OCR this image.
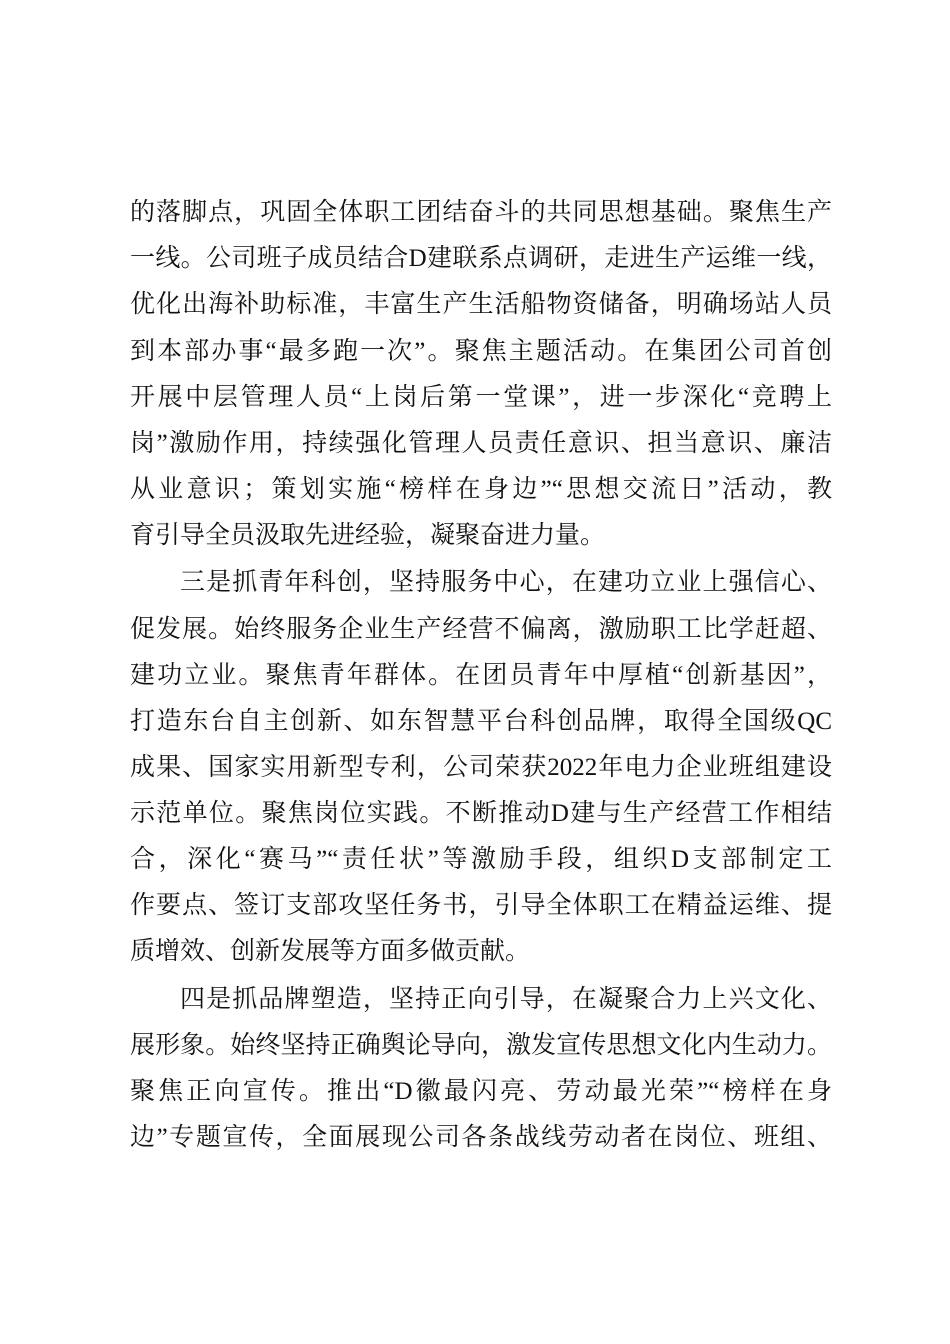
的落脚点，巩固全体职工团结奋斗的共同思想基础。聚焦生产
一线。公司班子成员结合D建联系点调研，走进生产运维一线，
优化出海补助标准，丰富生产生活船物资储备，明确场站人员
到本部办事“最多跑一次”。聚焦主题活动。在集团公司首创
开展中层管理人员“上岗后第一堂课”，进一步深化“竞聘上
岗”激励作用，持续强化管理人员责任意识、担当意识、廉洁
从业意识；策划实施“榜样在身边”“思想交流日”活动，教
育引导全员汲取先进经验，凝聚奋进力量。
三是抓青年科创，坚持服务中心，在建功立业上强信心、
促发展。始终服务企业生产经营不偏离，激励职工比学赶超、
建功立业。聚焦青年群体。在团员青年中厚植“创新基因”，
打造东台自主创新、如东智慧平台科创品牌，取得全国级QC
成果、国家实用新型专利，公司荣获2022年电力企业班组建设
示范单位。聚焦岗位实践。不断推动D建与生产经营工作相结
合，深化“赛马”“责任状”等激励手段，组织D支部制定工
作要点、签订支部攻坚任务书，引导全体职工在精益运维、提
质增效、创新发展等方面多做贡献。
四是抓品牌塑造，坚持正向引导，在凝聚合力上兴文化、
展形象。始终坚持正确舆论导向，激发宣传思想文化内生动力。
聚焦正向宣传。推出“D徽最闪亮、劳动最光荣”“榜样在身
边”专题宣传，全面展现公司各条战线劳动者在岗位、班组、
